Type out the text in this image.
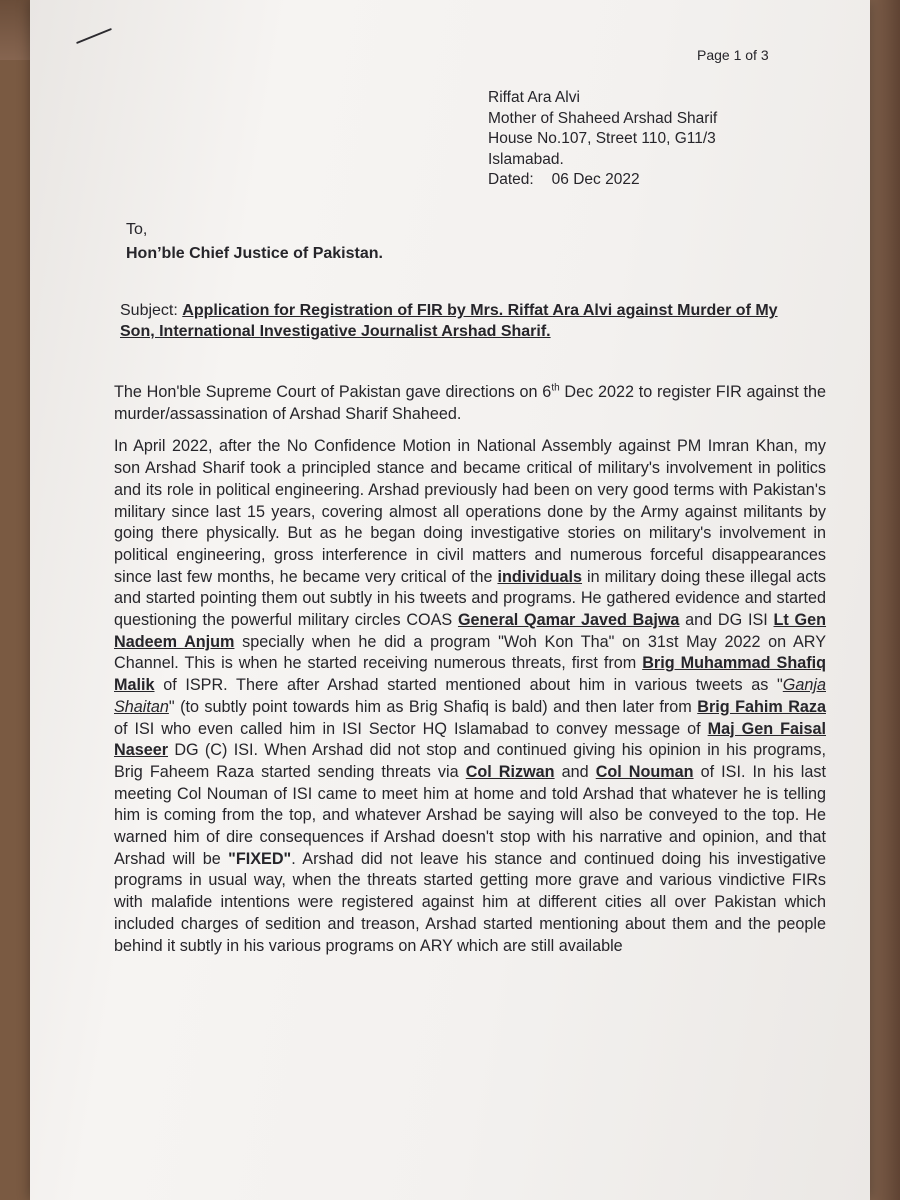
Page 1 of 3
Riffat Ara Alvi
Mother of Shaheed Arshad Sharif
House No.107, Street 110, G11/3
Islamabad.
Dated: 06 Dec 2022
To,
Hon’ble Chief Justice of Pakistan.
Subject: Application for Registration of FIR by Mrs. Riffat Ara Alvi against Murder of My Son, International Investigative Journalist Arshad Sharif.

The Hon'ble Supreme Court of Pakistan gave directions on 6th Dec 2022 to register FIR against the murder/assassination of Arshad Sharif Shaheed.

In April 2022, after the No Confidence Motion in National Assembly against PM Imran Khan, my son Arshad Sharif took a principled stance and became critical of military's involvement in politics and its role in political engineering. Arshad previously had been on very good terms with Pakistan's military since last 15 years, covering almost all operations done by the Army against militants by going there physically. But as he began doing investigative stories on military's involvement in political engineering, gross interference in civil matters and numerous forceful disappearances since last few months, he became very critical of the individuals in military doing these illegal acts and started pointing them out subtly in his tweets and programs. He gathered evidence and started questioning the powerful military circles COAS General Qamar Javed Bajwa and DG ISI Lt Gen Nadeem Anjum specially when he did a program "Woh Kon Tha" on 31st May 2022 on ARY Channel. This is when he started receiving numerous threats, first from Brig Muhammad Shafiq Malik of ISPR. There after Arshad started mentioned about him in various tweets as "Ganja Shaitan" (to subtly point towards him as Brig Shafiq is bald) and then later from Brig Fahim Raza of ISI who even called him in ISI Sector HQ Islamabad to convey message of Maj Gen Faisal Naseer DG (C) ISI. When Arshad did not stop and continued giving his opinion in his programs, Brig Faheem Raza started sending threats via Col Rizwan and Col Nouman of ISI. In his last meeting Col Nouman of ISI came to meet him at home and told Arshad that whatever he is telling him is coming from the top, and whatever Arshad be saying will also be conveyed to the top. He warned him of dire consequences if Arshad doesn't stop with his narrative and opinion, and that Arshad will be "FIXED". Arshad did not leave his stance and continued doing his investigative programs in usual way, when the threats started getting more grave and various vindictive FIRs with malafide intentions were registered against him at different cities all over Pakistan which included charges of sedition and treason, Arshad started mentioning about them and the people behind it subtly in his various programs on ARY which are still available
